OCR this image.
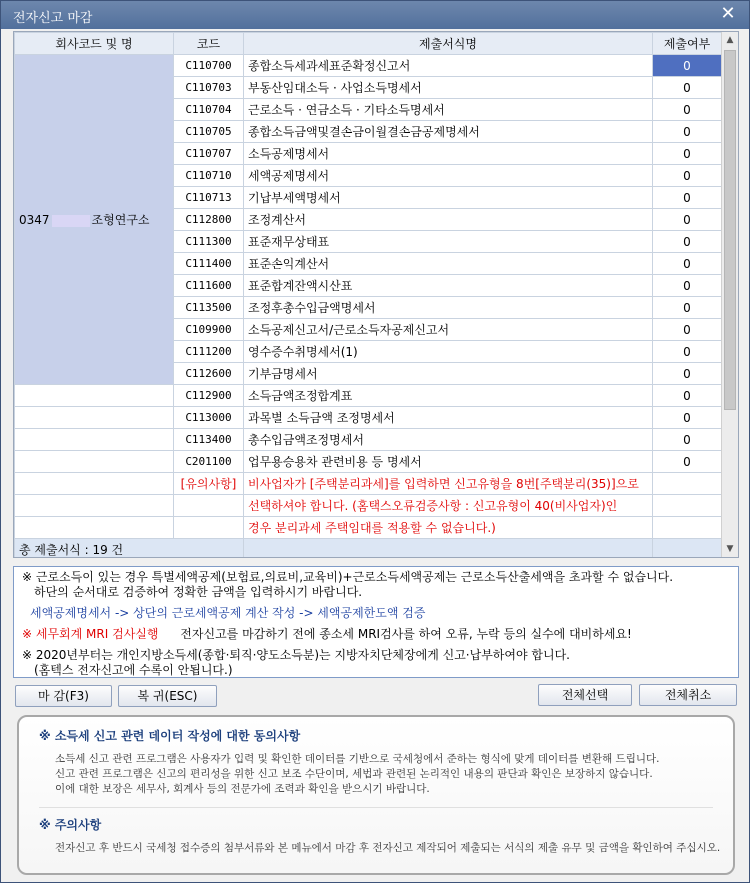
전자신고 마감	✕
회사코드 및 명	코드	제출서식명	제출여부
0347 조형연구소	C110700	종합소득세과세표준확정신고서	0
	C110703	부동산임대소득 · 사업소득명세서	0
	C110704	근로소득 · 연금소득 · 기타소득명세서	0
	C110705	종합소득금액및결손금이월결손금공제명세서	0
	C110707	소득공제명세서	0
	C110710	세액공제명세서	0
	C110713	기납부세액명세서	0
	C112800	조정계산서	0
	C111300	표준재무상태표	0
	C111400	표준손익계산서	0
	C111600	표준합계잔액시산표	0
	C113500	조정후총수입금액명세서	0
	C109900	소득공제신고서/근로소득자공제신고서	0
	C111200	영수증수취명세서(1)	0
	C112600	기부금명세서	0
	C112900	소득금액조정합계표	0
	C113000	과목별 소득금액 조정명세서	0
	C113400	총수입금액조정명세서	0
	C201100	업무용승용차 관련비용 등 명세서	0
	[유의사항]	비사업자가 [주택분리과세]를 입력하면 신고유형을 8번[주택분리(35)]으로	
		선택하셔야 합니다. (홈택스오류검증사항 : 신고유형이 40(비사업자)인	
		경우 분리과세 주택임대를 적용할 수 없습니다.)	
총 제출서식 : 19 건			
▲
▼
※ 근로소득이 있는 경우 특별세액공제(보험료,의료비,교육비)+근로소득세액공제는 근로소득산출세액을 초과할 수 없습니다.
하단의 순서대로 검증하여 정확한 금액을 입력하시기 바랍니다.
세액공제명세서 -> 상단의 근로세액공제 계산 작성 -> 세액공제한도액 검증
※ 세무회계 MRI 검사실행 전자신고를 마감하기 전에 종소세 MRI검사를 하여 오류, 누락 등의 실수에 대비하세요!
※ 2020년부터는 개인지방소득세(종합·퇴직·양도소득분)는 지방자치단체장에게 신고·납부하여야 합니다.
(홈텍스 전자신고에 수록이 안됩니다.)
마 감(F3)	복 귀(ESC)	전체선택	전체취소
※ 소득세 신고 관련 데이터 작성에 대한 동의사항
소득세 신고 관련 프로그램은 사용자가 입력 및 확인한 데이터를 기반으로 국세청에서 준하는 형식에 맞게 데이터를 변환해 드립니다.
신고 관련 프로그램은 신고의 편리성을 위한 신고 보조 수단이며, 세법과 관련된 논리적인 내용의 판단과 확인은 보장하지 않습니다.
이에 대한 보장은 세무사, 회계사 등의 전문가에 조력과 확인을 받으시기 바랍니다.
※ 주의사항
전자신고 후 반드시 국세청 접수증의 첨부서류와 본 메뉴에서 마감 후 전자신고 제작되어 제출되는 서식의 제출 유무 및 금액을 확인하여 주십시오.
